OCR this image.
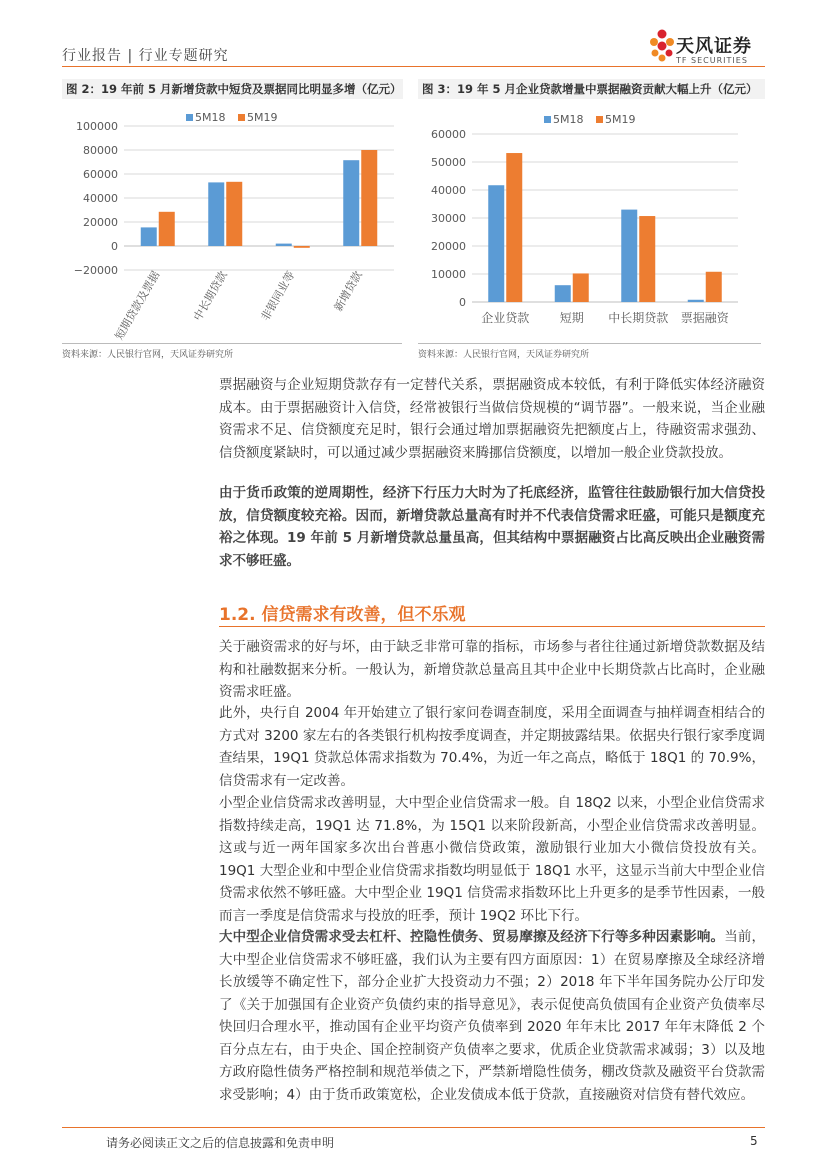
行业报告 | 行业专题研究	天风证券
TF SECURITIES
图 2：19 年前 5 月新增贷款中短贷及票据同比明显多增（亿元）	图 3：19 年 5 月企业贷款增量中票据融资贡献大幅上升（亿元）
100000
80000
60000
40000
20000
0
−20000
短期贷款及票据	中长期贷款	非银同业等	新增贷款
5M18 5M19
60000
50000
40000
30000
20000
10000
0
企业贷款	短期 中长期贷款 票据融资
5M18 5M19
资料来源：人民银行官网，天风证券研究所	资料来源：人民银行官网，天风证券研究所

票据融资与企业短期贷款存有一定替代关系，票据融资成本较低，有利于降低实体经济融资成本。由于票据融资计入信贷，经常被银行当做信贷规模的“调节器”。一般来说，当企业融资需求不足、信贷额度充足时，银行会通过增加票据融资先把额度占上，待融资需求强劲、信贷额度紧缺时，可以通过减少票据融资来腾挪信贷额度，以增加一般企业贷款投放。

由于货币政策的逆周期性，经济下行压力大时为了托底经济，监管往往鼓励银行加大信贷投放，信贷额度较充裕。因而，新增贷款总量高有时并不代表信贷需求旺盛，可能只是额度充裕之体现。19 年前 5 月新增贷款总量虽高，但其结构中票据融资占比高反映出企业融资需求不够旺盛。

1.2. 信贷需求有改善，但不乐观

关于融资需求的好与坏，由于缺乏非常可靠的指标，市场参与者往往通过新增贷款数据及结构和社融数据来分析。一般认为，新增贷款总量高且其中企业中长期贷款占比高时，企业融资需求旺盛。

此外，央行自 2004 年开始建立了银行家问卷调查制度，采用全面调查与抽样调查相结合的方式对 3200 家左右的各类银行机构按季度调查，并定期披露结果。依据央行银行家季度调查结果，19Q1 贷款总体需求指数为 70.4%，为近一年之高点，略低于 18Q1 的 70.9%，信贷需求有一定改善。

小型企业信贷需求改善明显，大中型企业信贷需求一般。自 18Q2 以来，小型企业信贷需求指数持续走高，19Q1 达 71.8%，为 15Q1 以来阶段新高，小型企业信贷需求改善明显。这或与近一两年国家多次出台普惠小微信贷政策，激励银行业加大小微信贷投放有关。19Q1 大型企业和中型企业信贷需求指数均明显低于 18Q1 水平，这显示当前大中型企业信贷需求依然不够旺盛。大中型企业 19Q1 信贷需求指数环比上升更多的是季节性因素，一般而言一季度是信贷需求与投放的旺季，预计 19Q2 环比下行。

大中型企业信贷需求受去杠杆、控隐性债务、贸易摩擦及经济下行等多种因素影响。当前，大中型企业信贷需求不够旺盛，我们认为主要有四方面原因：1）在贸易摩擦及全球经济增长放缓等不确定性下，部分企业扩大投资动力不强；2）2018 年下半年国务院办公厅印发了《关于加强国有企业资产负债约束的指导意见》，表示促使高负债国有企业资产负债率尽快回归合理水平，推动国有企业平均资产负债率到 2020 年年末比 2017 年年末降低 2 个百分点左右，由于央企、国企控制资产负债率之要求，优质企业贷款需求减弱；3）以及地方政府隐性债务严格控制和规范举债之下，严禁新增隐性债务，棚改贷款及融资平台贷款需求受影响；4）由于货币政策宽松，企业发债成本低于贷款，直接融资对信贷有替代效应。

请务必阅读正文之后的信息披露和免责申明	5
